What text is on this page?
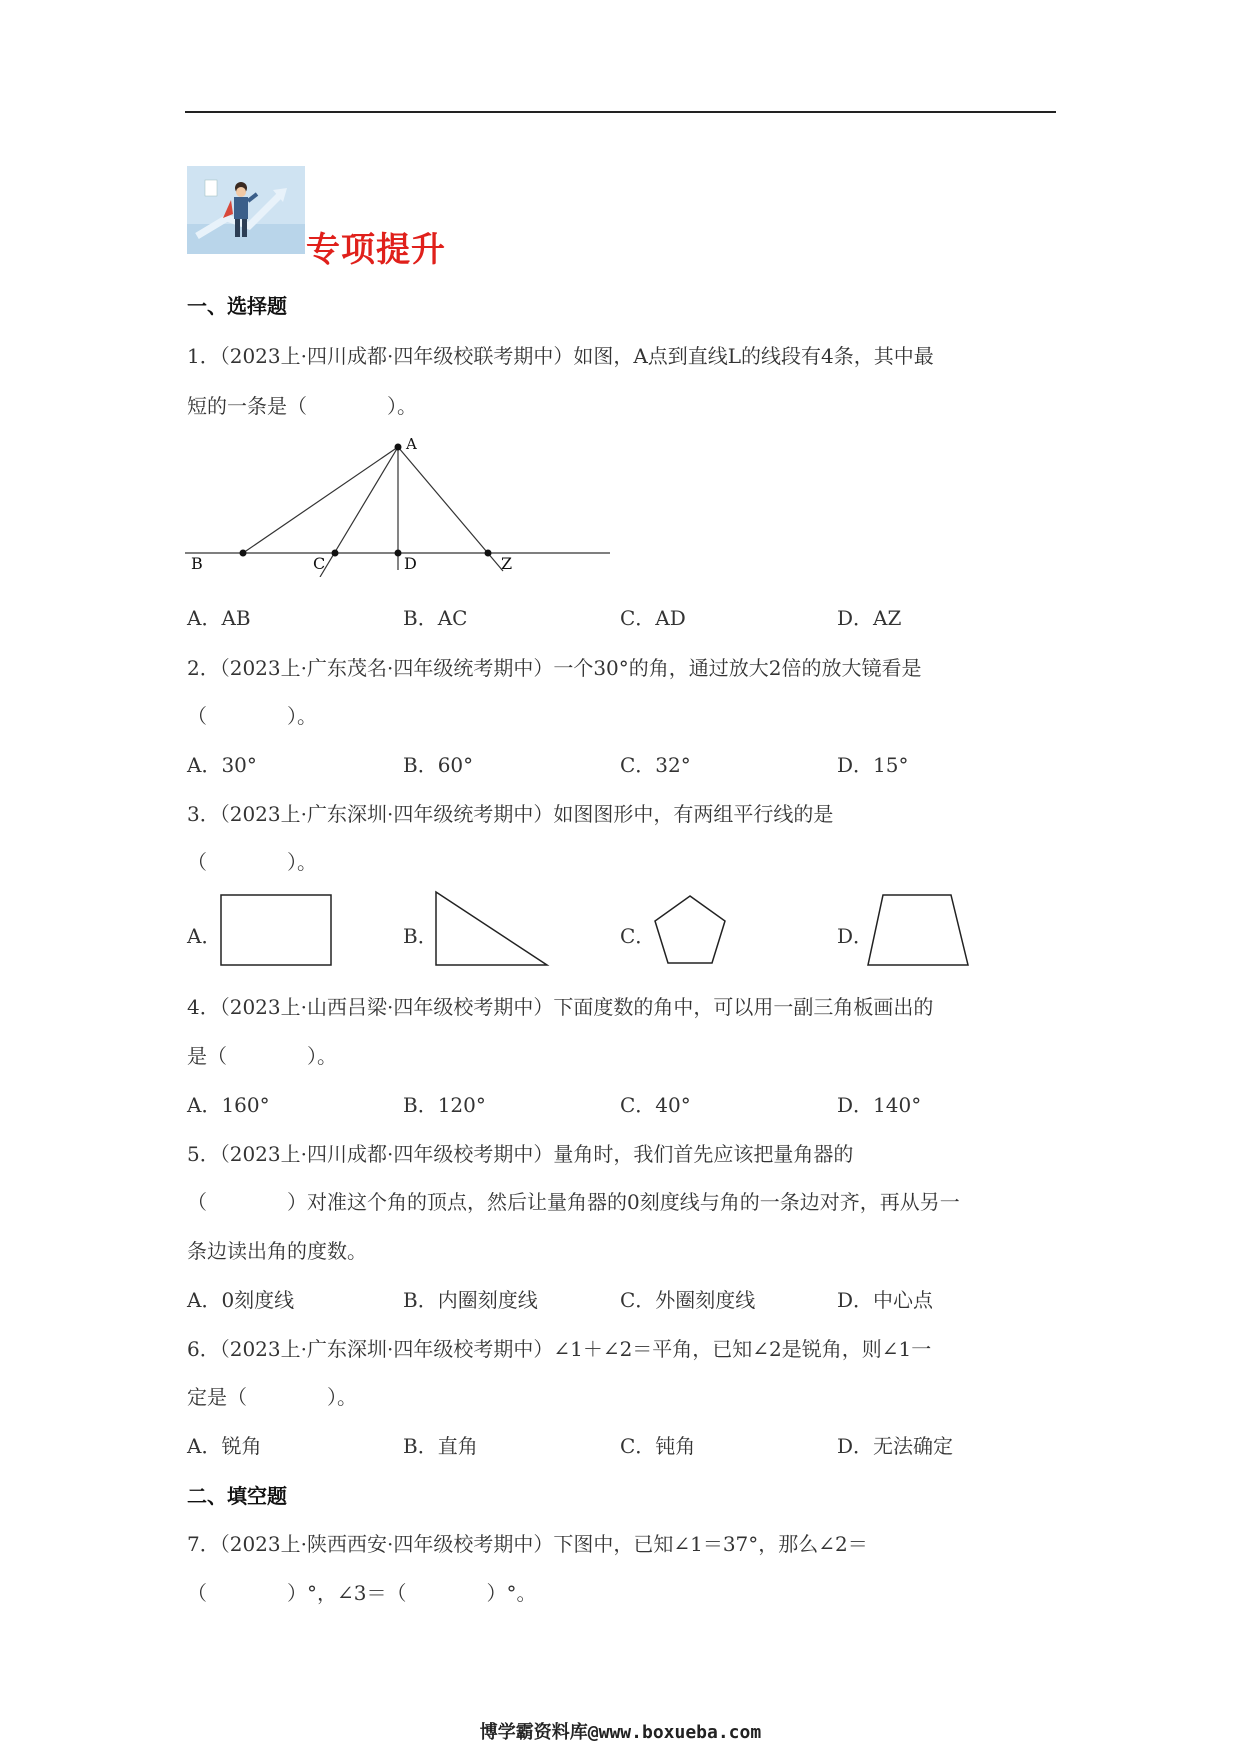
专项提升
一、选择题
1．（2023上·四川成都·四年级校联考期中）如图，A点到直线L的线段有4条，其中最
短的一条是（　　　　）。
A
B	C	D	Z
A．AB	B．AC	C．AD	D．AZ
2．（2023上·广东茂名·四年级统考期中）一个30°的角，通过放大2倍的放大镜看是
（　　　　）。
A．30°	B．60°	C．32°	D．15°
3．（2023上·广东深圳·四年级统考期中）如图图形中，有两组平行线的是
（　　　　）。
A．	B．	C．	D．
4．（2023上·山西吕梁·四年级校考期中）下面度数的角中，可以用一副三角板画出的
是（　　　　）。
A．160°	B．120°	C．40°	D．140°
5．（2023上·四川成都·四年级校考期中）量角时，我们首先应该把量角器的
（　　　　）对准这个角的顶点，然后让量角器的0刻度线与角的一条边对齐，再从另一
条边读出角的度数。
A．0刻度线	B．内圈刻度线	C．外圈刻度线	D．中心点
6．（2023上·广东深圳·四年级校考期中）∠1＋∠2＝平角，已知∠2是锐角，则∠1一
定是（　　　　）。
A．锐角	B．直角	C．钝角	D．无法确定
二、填空题
7．（2023上·陕西西安·四年级校考期中）下图中，已知∠1＝37°，那么∠2＝
（　　　　）°，∠3＝（　　　　）°。
博学霸资料库@www.boxueba.com
